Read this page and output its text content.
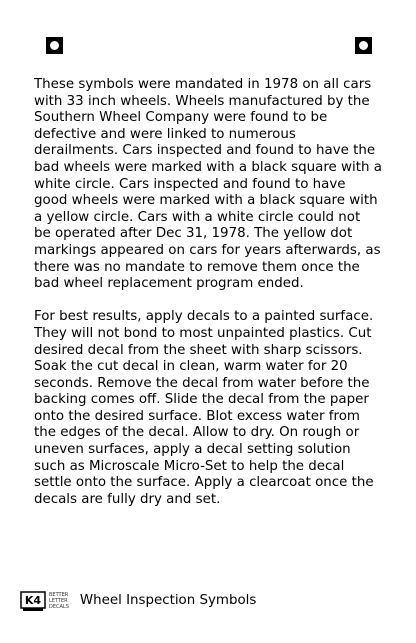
These symbols were mandated in 1978 on all cars
with 33 inch wheels. Wheels manufactured by the
Southern Wheel Company were found to be
defective and were linked to numerous
derailments. Cars inspected and found to have the
bad wheels were marked with a black square with a
white circle. Cars inspected and found to have
good wheels were marked with a black square with
a yellow circle. Cars with a white circle could not
be operated after Dec 31, 1978. The yellow dot
markings appeared on cars for years afterwards, as
there was no mandate to remove them once the
bad wheel replacement program ended.

For best results, apply decals to a painted surface.
They will not bond to most unpainted plastics. Cut
desired decal from the sheet with sharp scissors.
Soak the cut decal in clean, warm water for 20
seconds. Remove the decal from water before the
backing comes off. Slide the decal from the paper
onto the desired surface. Blot excess water from
the edges of the decal. Allow to dry. On rough or
uneven surfaces, apply a decal setting solution
such as Microscale Micro-Set to help the decal
settle onto the surface. Apply a clearcoat once the
decals are fully dry and set.

K4 BETTER
LETTER
DECALS Wheel Inspection Symbols
